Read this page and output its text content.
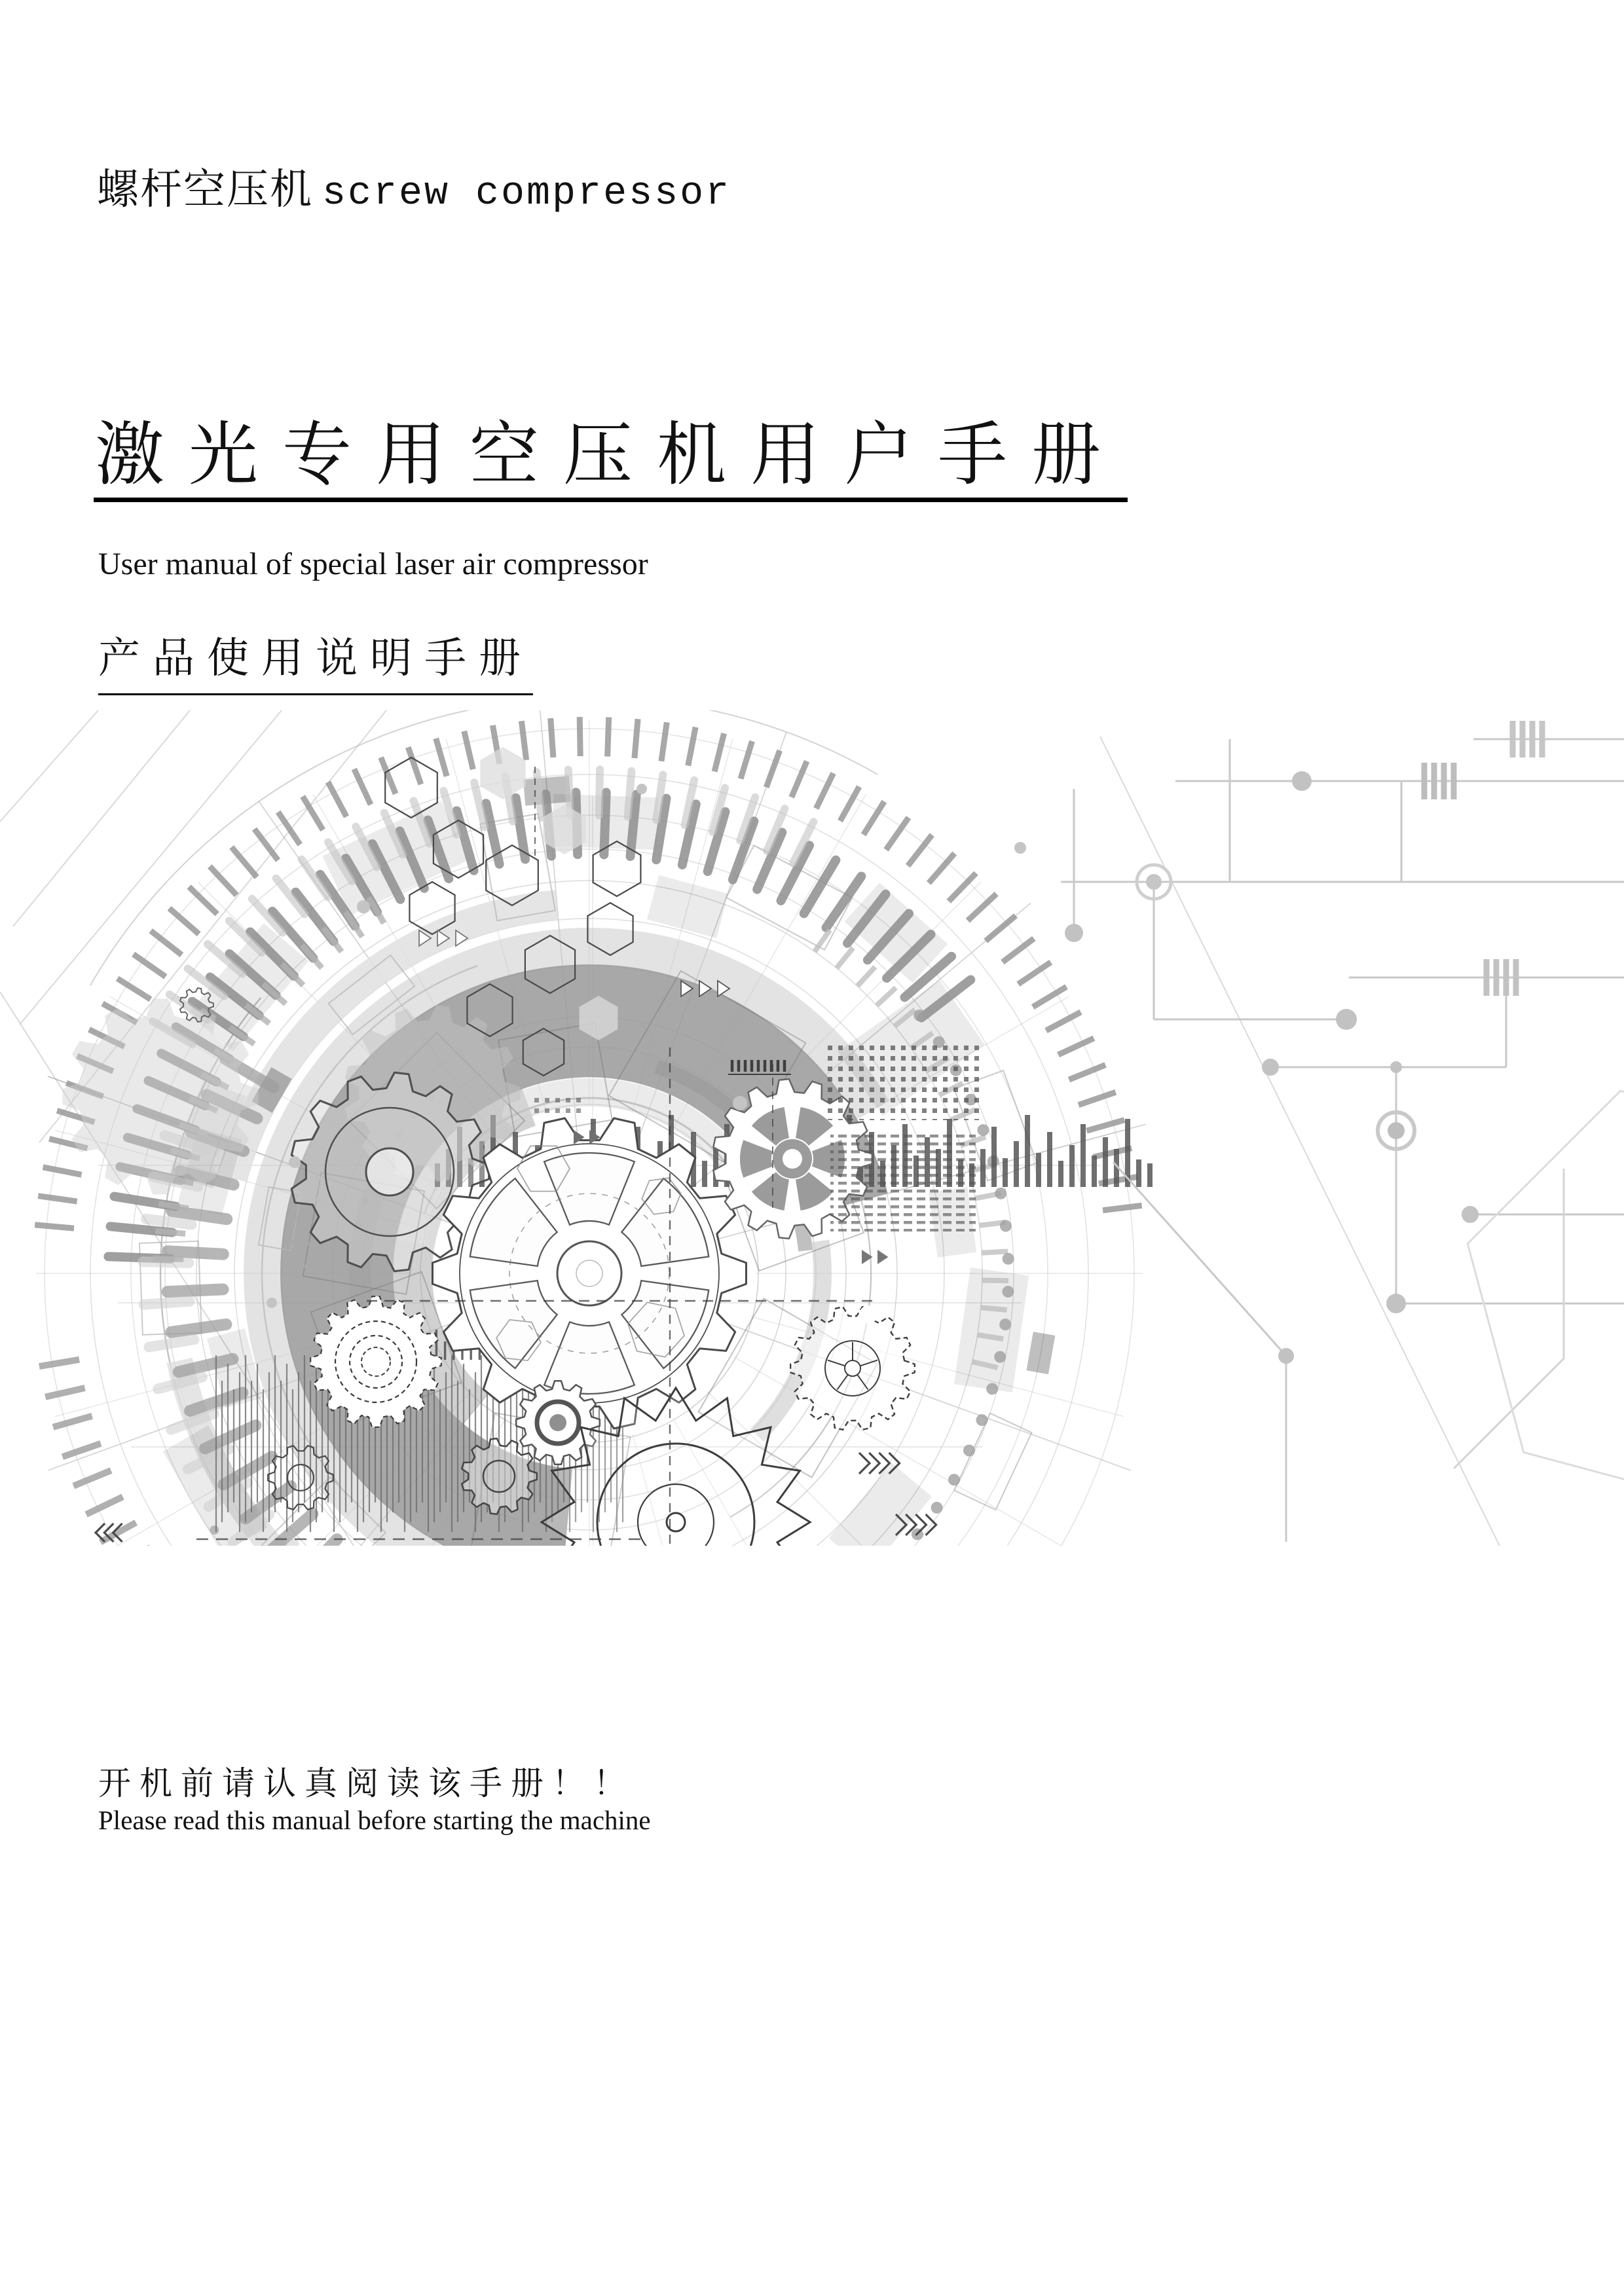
螺杆空压机 screw compressor
激光专用空压机用户手册
User manual of special laser air compressor
产品使用说明手册
开机前请认真阅读该手册！！
Please read this manual before starting the machine
